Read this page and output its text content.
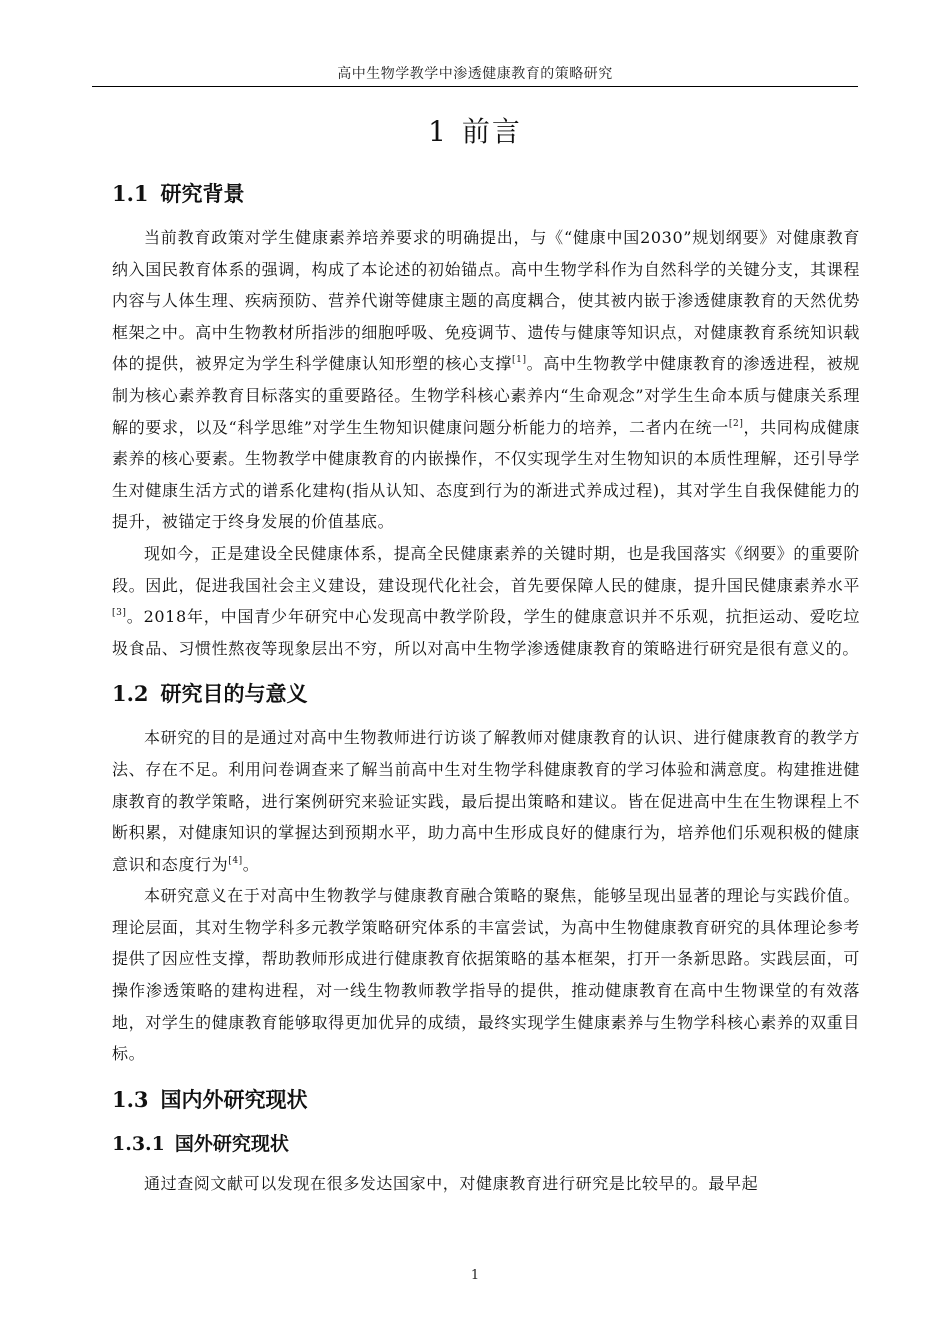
高中生物学教学中渗透健康教育的策略研究
1 前言
1.1 研究背景

当前教育政策对学生健康素养培养要求的明确提出，与《“健康中国2030”规划纲要》对健康教育纳入国民教育体系的强调，构成了本论述的初始锚点。高中生物学科作为自然科学的关键分支，其课程内容与人体生理、疾病预防、营养代谢等健康主题的高度耦合，使其被内嵌于渗透健康教育的天然优势框架之中。高中生物教材所指涉的细胞呼吸、免疫调节、遗传与健康等知识点，对健康教育系统知识载体的提供，被界定为学生科学健康认知形塑的核心支撑[1]。高中生物教学中健康教育的渗透进程，被规制为核心素养教育目标落实的重要路径。生物学科核心素养内“生命观念”对学生生命本质与健康关系理解的要求，以及“科学思维”对学生生物知识健康问题分析能力的培养，二者内在统一[2]，共同构成健康素养的核心要素。生物教学中健康教育的内嵌操作，不仅实现学生对生物知识的本质性理解，还引导学生对健康生活方式的谱系化建构(指从认知、态度到行为的渐进式养成过程)，其对学生自我保健能力的提升，被锚定于终身发展的价值基底。

现如今，正是建设全民健康体系，提高全民健康素养的关键时期，也是我国落实《纲要》的重要阶段。因此，促进我国社会主义建设，建设现代化社会，首先要保障人民的健康，提升国民健康素养水平[3]。2018年，中国青少年研究中心发现高中教学阶段，学生的健康意识并不乐观，抗拒运动、爱吃垃圾食品、习惯性熬夜等现象层出不穷，所以对高中生物学渗透健康教育的策略进行研究是很有意义的。

1.2 研究目的与意义

本研究的目的是通过对高中生物教师进行访谈了解教师对健康教育的认识、进行健康教育的教学方法、存在不足。利用问卷调查来了解当前高中生对生物学科健康教育的学习体验和满意度。构建推进健康教育的教学策略，进行案例研究来验证实践，最后提出策略和建议。皆在促进高中生在生物课程上不断积累，对健康知识的掌握达到预期水平，助力高中生形成良好的健康行为，培养他们乐观积极的健康意识和态度行为[4]。

本研究意义在于对高中生物教学与健康教育融合策略的聚焦，能够呈现出显著的理论与实践价值。理论层面，其对生物学科多元教学策略研究体系的丰富尝试，为高中生物健康教育研究的具体理论参考提供了因应性支撑，帮助教师形成进行健康教育依据策略的基本框架，打开一条新思路。实践层面，可操作渗透策略的建构进程，对一线生物教师教学指导的提供，推动健康教育在高中生物课堂的有效落地，对学生的健康教育能够取得更加优异的成绩，最终实现学生健康素养与生物学科核心素养的双重目标。

1.3 国内外研究现状
1.3.1 国外研究现状

通过查阅文献可以发现在很多发达国家中，对健康教育进行研究是比较早的。最早起

1
